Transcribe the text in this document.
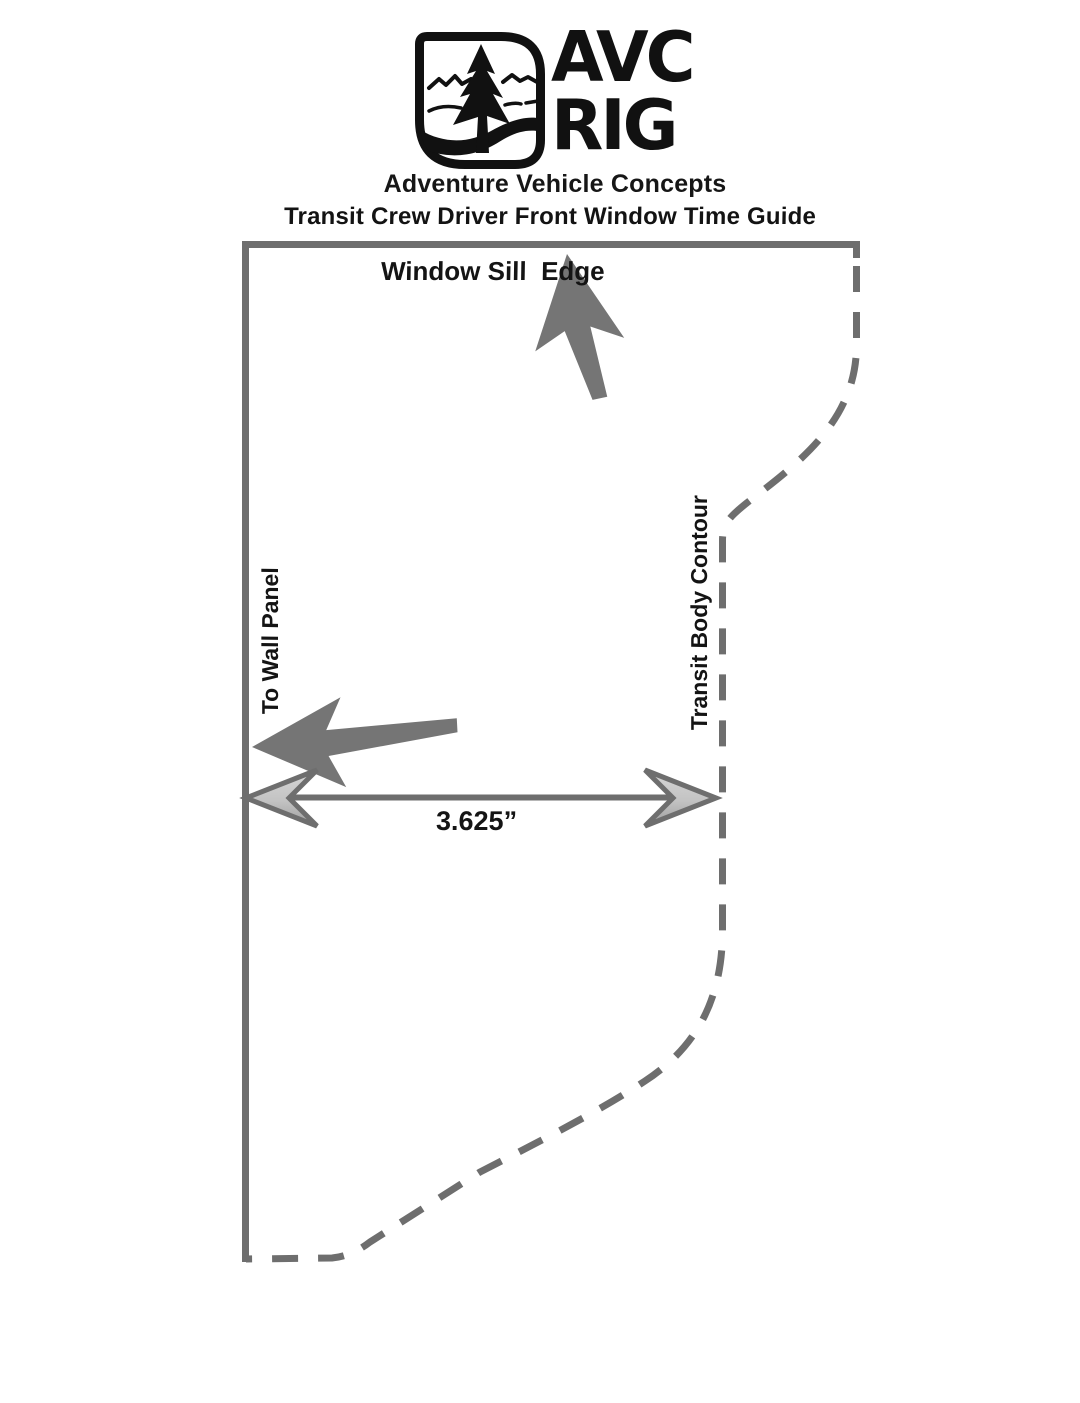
AVC
RIG
Adventure Vehicle Concepts
Transit Crew Driver Front Window Time Guide
Window Sill  Edge
To Wall Panel	Transit Body Contour
3.625”
